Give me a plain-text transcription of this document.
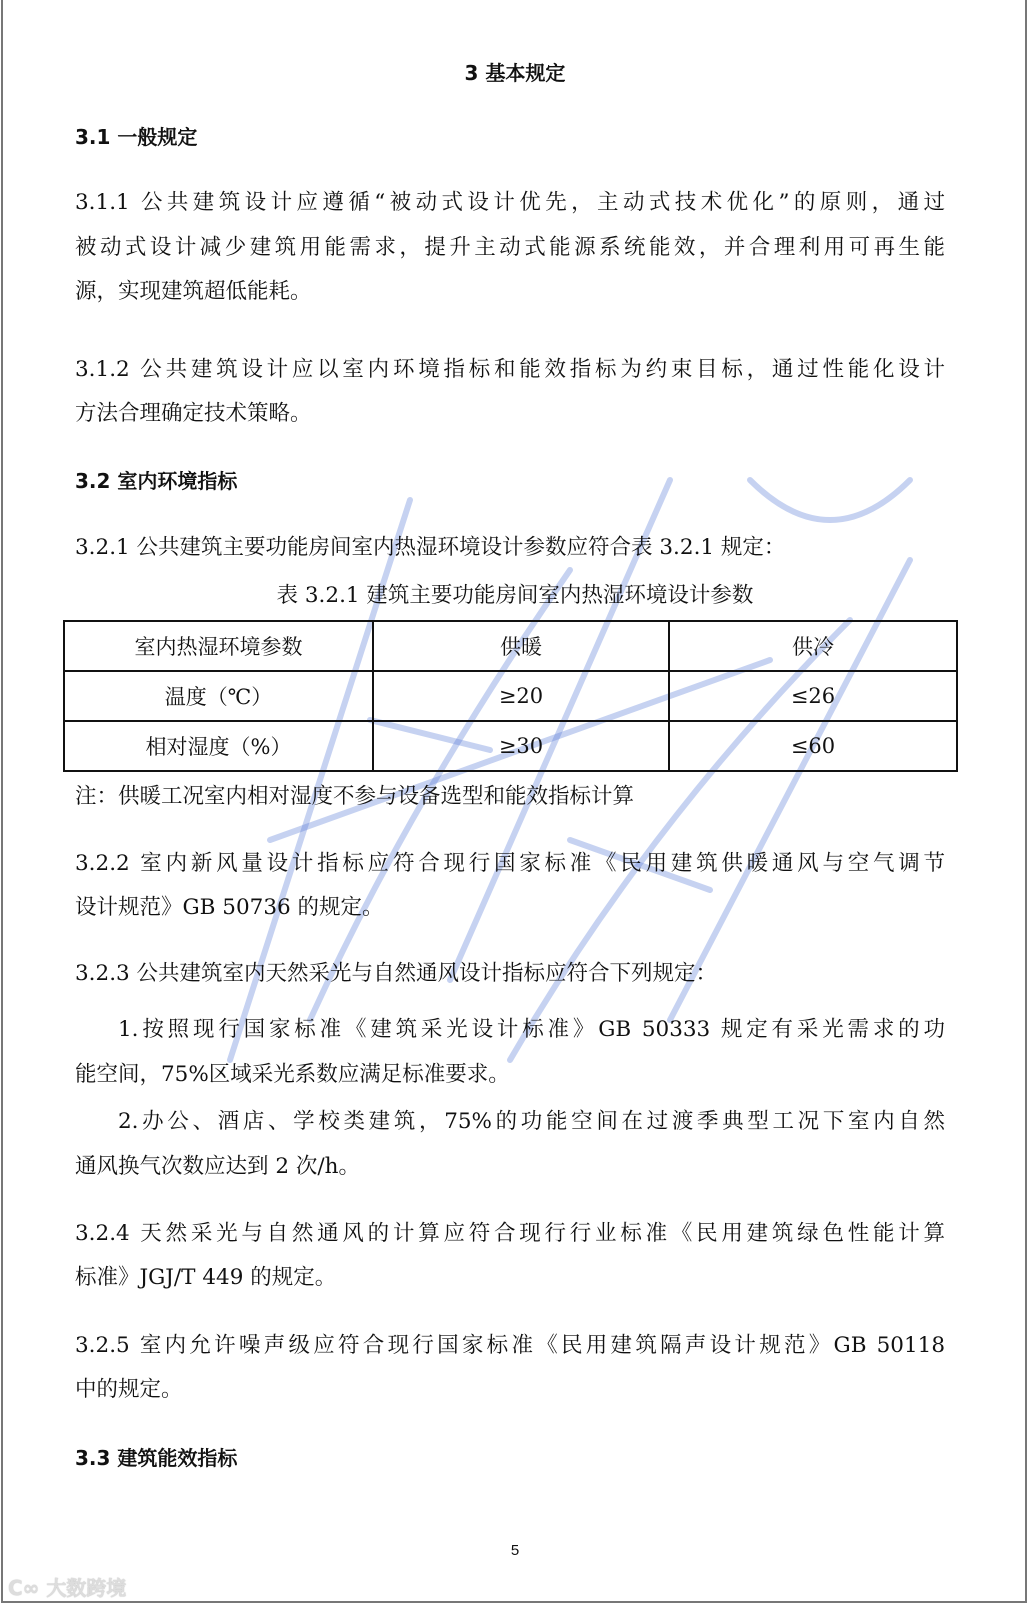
3 基本规定
3.1 一般规定
3.1.1 公共建筑设计应遵循“被动式设计优先，主动式技术优化”的原则，通过
被动式设计减少建筑用能需求，提升主动式能源系统能效，并合理利用可再生能
源，实现建筑超低能耗。
3.1.2 公共建筑设计应以室内环境指标和能效指标为约束目标，通过性能化设计
方法合理确定技术策略。
3.2 室内环境指标
3.2.1 公共建筑主要功能房间室内热湿环境设计参数应符合表 3.2.1 规定：
表 3.2.1 建筑主要功能房间室内热湿环境设计参数
室内热湿环境参数	供暖	供冷
温度（℃）	≥20	≤26
相对湿度（%）	≥30	≤60
注：供暖工况室内相对湿度不参与设备选型和能效指标计算
3.2.2 室内新风量设计指标应符合现行国家标准《民用建筑供暖通风与空气调节
设计规范》GB 50736 的规定。
3.2.3 公共建筑室内天然采光与自然通风设计指标应符合下列规定：
1.按照现行国家标准《建筑采光设计标准》GB 50333 规定有采光需求的功
能空间，75%区域采光系数应满足标准要求。
2.办公、酒店、学校类建筑，75%的功能空间在过渡季典型工况下室内自然
通风换气次数应达到 2 次/h。
3.2.4 天然采光与自然通风的计算应符合现行行业标准《民用建筑绿色性能计算
标准》JGJ/T 449 的规定。
3.2.5 室内允许噪声级应符合现行国家标准《民用建筑隔声设计规范》GB 50118
中的规定。
3.3 建筑能效指标
5
C∞ 大数跨境
